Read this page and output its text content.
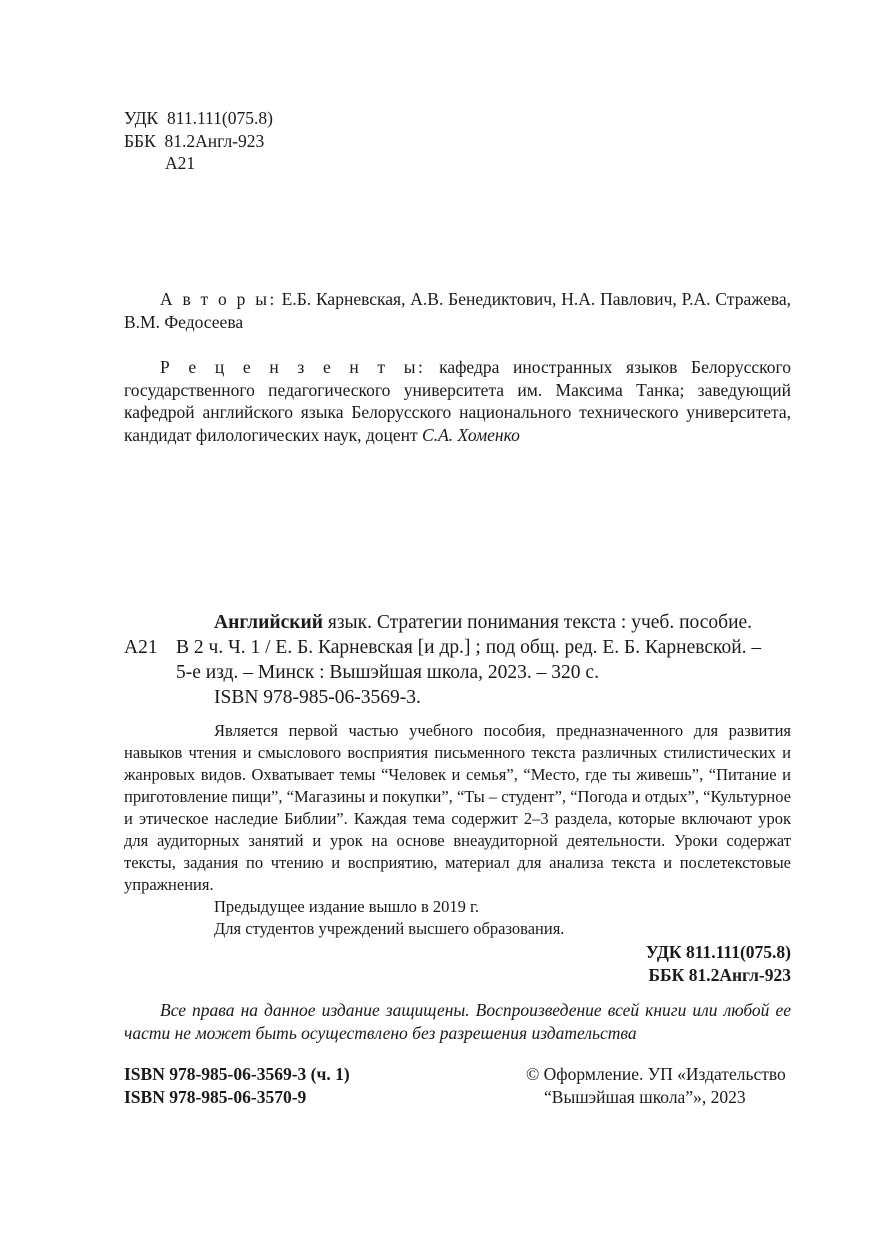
УДК 811.111(075.8)
ББК 81.2Англ-923
А21
А в т о р ы: Е.Б. Карневская, А.В. Бенедиктович, Н.А. Павлович, Р.А. Стражева, В.М. Федосеева
Р е ц е н з е н т ы: кафедра иностранных языков Белорусского государственного педагогического университета им. Максима Танка; заведующий кафедрой английского языка Белорусского национального технического университета, кандидат филологических наук, доцент С.А. Хоменко
Английский язык. Стратегии понимания текста : учеб. пособие.
А21 В 2 ч. Ч. 1 / Е. Б. Карневская [и др.] ; под общ. ред. Е. Б. Карневской. –
5-е изд. – Минск : Вышэйшая школа, 2023. – 320 с.
ISBN 978-985-06-3569-3.
Является первой частью учебного пособия, предназначенного для развития навыков чтения и смыслового восприятия письменного текста различных стилистических и жанровых видов. Охватывает темы “Человек и семья”, “Место, где ты живешь”, “Питание и приготовление пищи”, “Магазины и покупки”, “Ты – студент”, “Погода и отдых”, “Культурное и этическое наследие Библии”. Каждая тема содержит 2–3 раздела, которые включают урок для аудиторных занятий и урок на основе внеаудиторной деятельности. Уроки содержат тексты, задания по чтению и восприятию, материал для анализа текста и послетекстовые упражнения.
Предыдущее издание вышло в 2019 г.
Для студентов учреждений высшего образования.
УДК 811.111(075.8)
ББК 81.2Англ-923
Все права на данное издание защищены. Воспроизведение всей книги или любой ее части не может быть осуществлено без разрешения издательства
ISBN 978-985-06-3569-3 (ч. 1)
ISBN 978-985-06-3570-9
© Оформление. УП «Издательство
“Вышэйшая школа”», 2023
